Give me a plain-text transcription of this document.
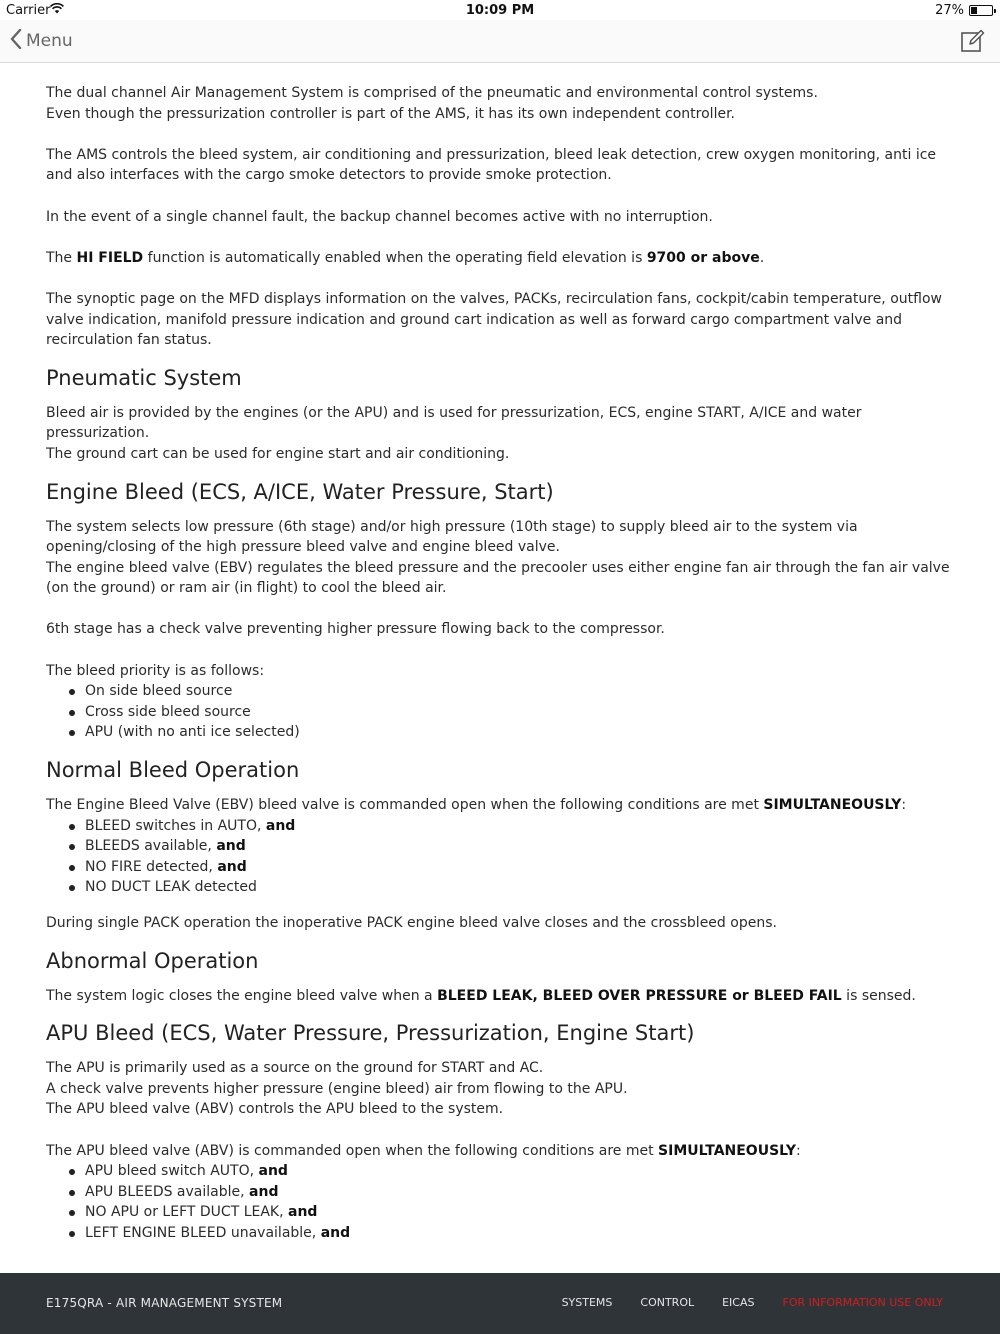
Carrier	10:09 PM	27%
Menu

The dual channel Air Management System is comprised of the pneumatic and environmental control systems.
Even though the pressurization controller is part of the AMS, it has its own independent controller.

The AMS controls the bleed system, air conditioning and pressurization, bleed leak detection, crew oxygen monitoring, anti ice and also interfaces with the cargo smoke detectors to provide smoke protection.

In the event of a single channel fault, the backup channel becomes active with no interruption.

The HI FIELD function is automatically enabled when the operating field elevation is 9700 or above.

The synoptic page on the MFD displays information on the valves, PACKs, recirculation fans, cockpit/cabin temperature, outflow valve indication, manifold pressure indication and ground cart indication as well as forward cargo compartment valve and recirculation fan status.

Pneumatic System

Bleed air is provided by the engines (or the APU) and is used for pressurization, ECS, engine START, A/ICE and water pressurization.
The ground cart can be used for engine start and air conditioning.

Engine Bleed (ECS, A/ICE, Water Pressure, Start)

The system selects low pressure (6th stage) and/or high pressure (10th stage) to supply bleed air to the system via opening/closing of the high pressure bleed valve and engine bleed valve.
The engine bleed valve (EBV) regulates the bleed pressure and the precooler uses either engine fan air through the fan air valve (on the ground) or ram air (in flight) to cool the bleed air.

6th stage has a check valve preventing higher pressure flowing back to the compressor.

The bleed priority is as follows:

On side bleed source
Cross side bleed source
APU (with no anti ice selected)
Normal Bleed Operation

The Engine Bleed Valve (EBV) bleed valve is commanded open when the following conditions are met SIMULTANEOUSLY:

BLEED switches in AUTO, and
BLEEDS available, and
NO FIRE detected, and
NO DUCT LEAK detected

During single PACK operation the inoperative PACK engine bleed valve closes and the crossbleed opens.

Abnormal Operation

The system logic closes the engine bleed valve when a BLEED LEAK, BLEED OVER PRESSURE or BLEED FAIL is sensed.

APU Bleed (ECS, Water Pressure, Pressurization, Engine Start)

The APU is primarily used as a source on the ground for START and AC.
A check valve prevents higher pressure (engine bleed) air from flowing to the APU.
The APU bleed valve (ABV) controls the APU bleed to the system.

The APU bleed valve (ABV) is commanded open when the following conditions are met SIMULTANEOUSLY:

APU bleed switch AUTO, and
APU BLEEDS available, and
NO APU or LEFT DUCT LEAK, and
LEFT ENGINE BLEED unavailable, and
E175QRA - AIR MANAGEMENT SYSTEM	SYSTEMS	CONTROL	EICAS	FOR INFORMATION USE ONLY
